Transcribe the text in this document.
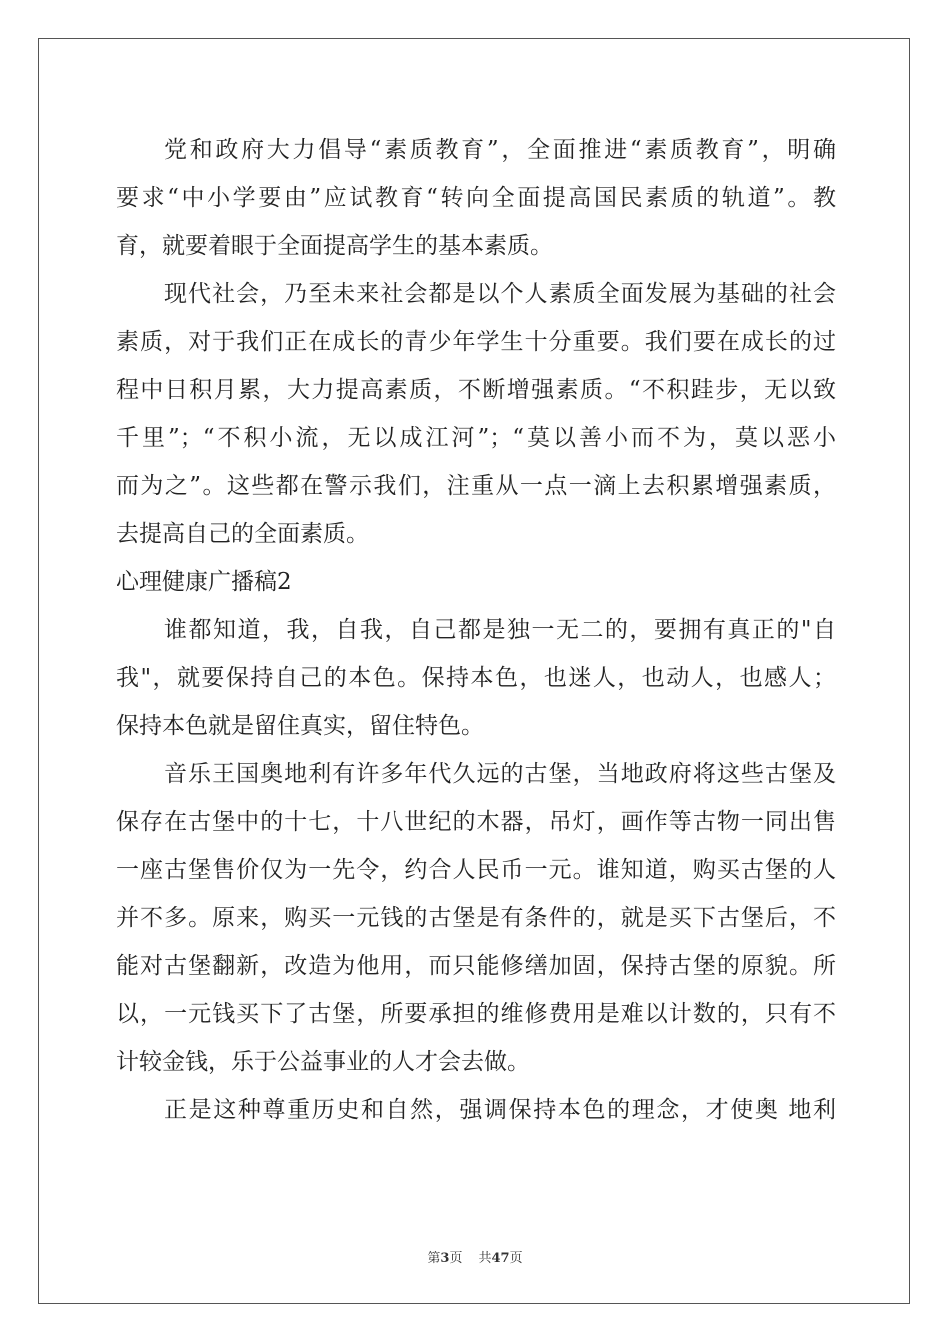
党和政府大力倡导“素质教育”，全面推进“素质教育”，明确
要求“中小学要由”应试教育“转向全面提高国民素质的轨道”。教
育，就要着眼于全面提高学生的基本素质。
现代社会，乃至未来社会都是以个人素质全面发展为基础的社会
素质，对于我们正在成长的青少年学生十分重要。我们要在成长的过
程中日积月累，大力提高素质，不断增强素质。“不积跬步，无以致
千里”；“不积小流，无以成江河”；“莫以善小而不为，莫以恶小
而为之”。这些都在警示我们，注重从一点一滴上去积累增强素质，
去提高自己的全面素质。
心理健康广播稿2
谁都知道，我，自我，自己都是独一无二的，要拥有真正的"自
我"，就要保持自己的本色。保持本色，也迷人，也动人，也感人；
保持本色就是留住真实，留住特色。
音乐王国奥地利有许多年代久远的古堡，当地政府将这些古堡及
保存在古堡中的十七，十八世纪的木器，吊灯，画作等古物一同出售
一座古堡售价仅为一先令，约合人民币一元。谁知道，购买古堡的人
并不多。原来，购买一元钱的古堡是有条件的，就是买下古堡后，不
能对古堡翻新，改造为他用，而只能修缮加固，保持古堡的原貌。所
以，一元钱买下了古堡，所要承担的维修费用是难以计数的，只有不
计较金钱，乐于公益事业的人才会去做。
正是这种尊重历史和自然，强调保持本色的理念，才使奥 地利
第3页 共47页
